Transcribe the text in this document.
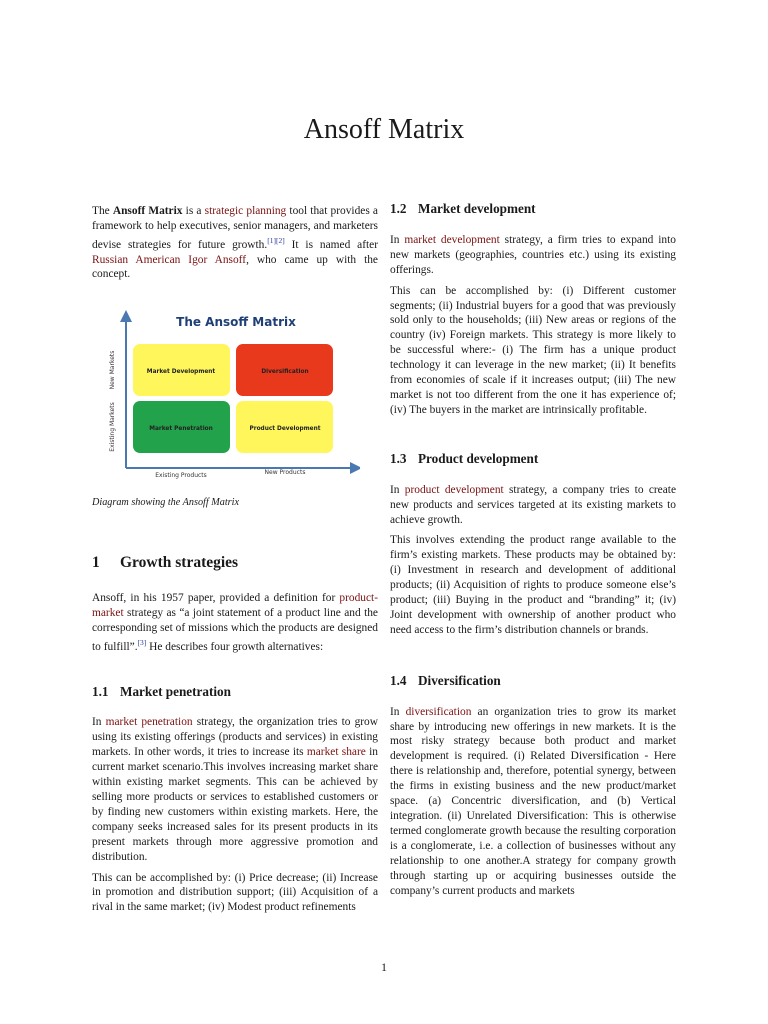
Ansoff Matrix

The Ansoff Matrix is a strategic planning tool that provides a framework to help executives, senior managers, and marketers devise strategies for future growth.[1][2] It is named after Russian American Igor Ansoff, who came up with the concept.

The Ansoff Matrix
Market Development	Diversification
Market Penetration	Product Development
Existing Products	New Products
Existing Markets
New Markets
Diagram showing the Ansoff Matrix
1 Growth strategies

Ansoff, in his 1957 paper, provided a definition for product-market strategy as “a joint statement of a product line and the corresponding set of missions which the products are designed to fulfill”.[3] He describes four growth alternatives:

1.1 Market penetration

In market penetration strategy, the organization tries to grow using its existing offerings (products and services) in existing markets. In other words, it tries to increase its market share in current market scenario.This involves increasing market share within existing market segments. This can be achieved by selling more products or services to established customers or by finding new customers within existing markets. Here, the company seeks increased sales for its present products in its present markets through more aggressive promotion and distribution.

This can be accomplished by: (i) Price decrease; (ii) Increase in promotion and distribution support; (iii) Acquisition of a rival in the same market; (iv) Modest product refinements

1.2 Market development

In market development strategy, a firm tries to expand into new markets (geographies, countries etc.) using its existing offerings.

This can be accomplished by: (i) Different customer segments; (ii) Industrial buyers for a good that was previously sold only to the households; (iii) New areas or regions of the country (iv) Foreign markets. This strategy is more likely to be successful where:- (i) The firm has a unique product technology it can leverage in the new market; (ii) It benefits from economies of scale if it increases output; (iii) The new market is not too different from the one it has experience of; (iv) The buyers in the market are intrinsically profitable.

1.3 Product development

In product development strategy, a company tries to create new products and services targeted at its existing markets to achieve growth.

This involves extending the product range available to the firm’s existing markets. These products may be obtained by: (i) Investment in research and development of additional products; (ii) Acquisition of rights to produce someone else’s product; (iii) Buying in the product and “branding” it; (iv) Joint development with ownership of another product who need access to the firm’s distribution channels or brands.

1.4 Diversification

In diversification an organization tries to grow its market share by introducing new offerings in new markets. It is the most risky strategy because both product and market development is required. (i) Related Diversification - Here there is relationship and, therefore, potential synergy, between the firms in existing business and the new product/market space. (a) Concentric diversification, and (b) Vertical integration. (ii) Unrelated Diversification: This is otherwise termed conglomerate growth because the resulting corporation is a conglomerate, i.e. a collection of businesses without any relationship to one another.A strategy for company growth through starting up or acquiring businesses outside the company’s current products and markets

1
